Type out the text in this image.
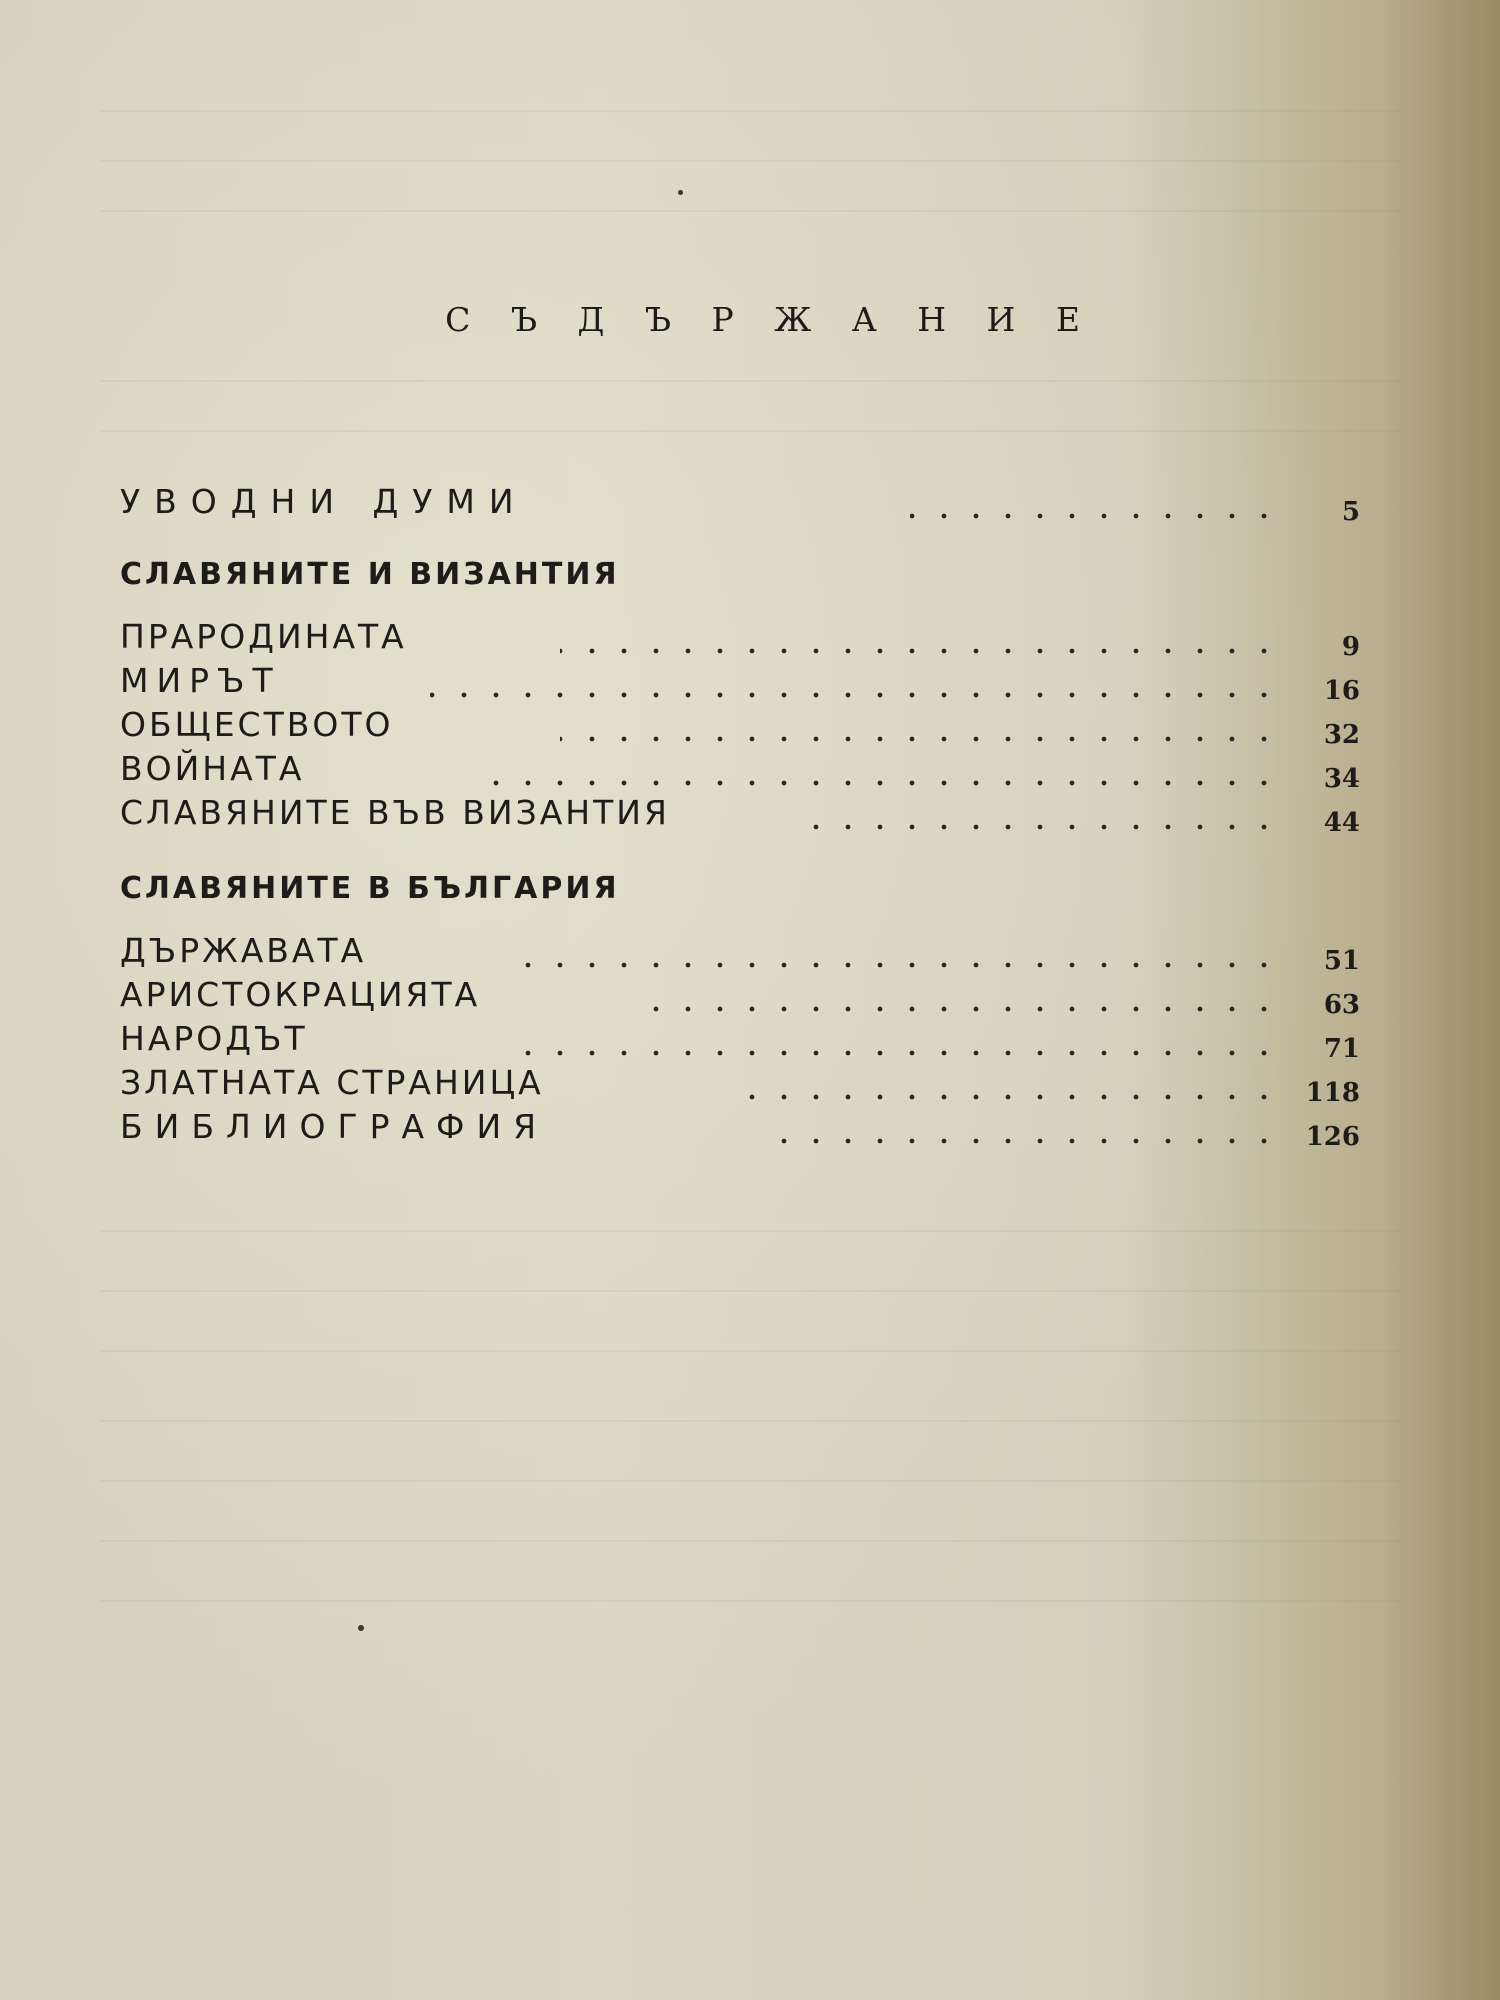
С Ъ Д Ъ Р Ж А Н И Е
УВОДНИ ДУМИ	5
СЛАВЯНИТЕ И ВИЗАНТИЯ
ПРАРОДИНАТА	9
МИРЪТ	16
ОБЩЕСТВОТО	32
ВОЙНАТА	34
СЛАВЯНИТЕ ВЪВ ВИЗАНТИЯ	44
СЛАВЯНИТЕ В БЪЛГАРИЯ
ДЪРЖАВАТА	51
АРИСТОКРАЦИЯТА	63
НАРОДЪТ	71
ЗЛАТНАТА СТРАНИЦА	118
БИБЛИОГРАФИЯ	126
